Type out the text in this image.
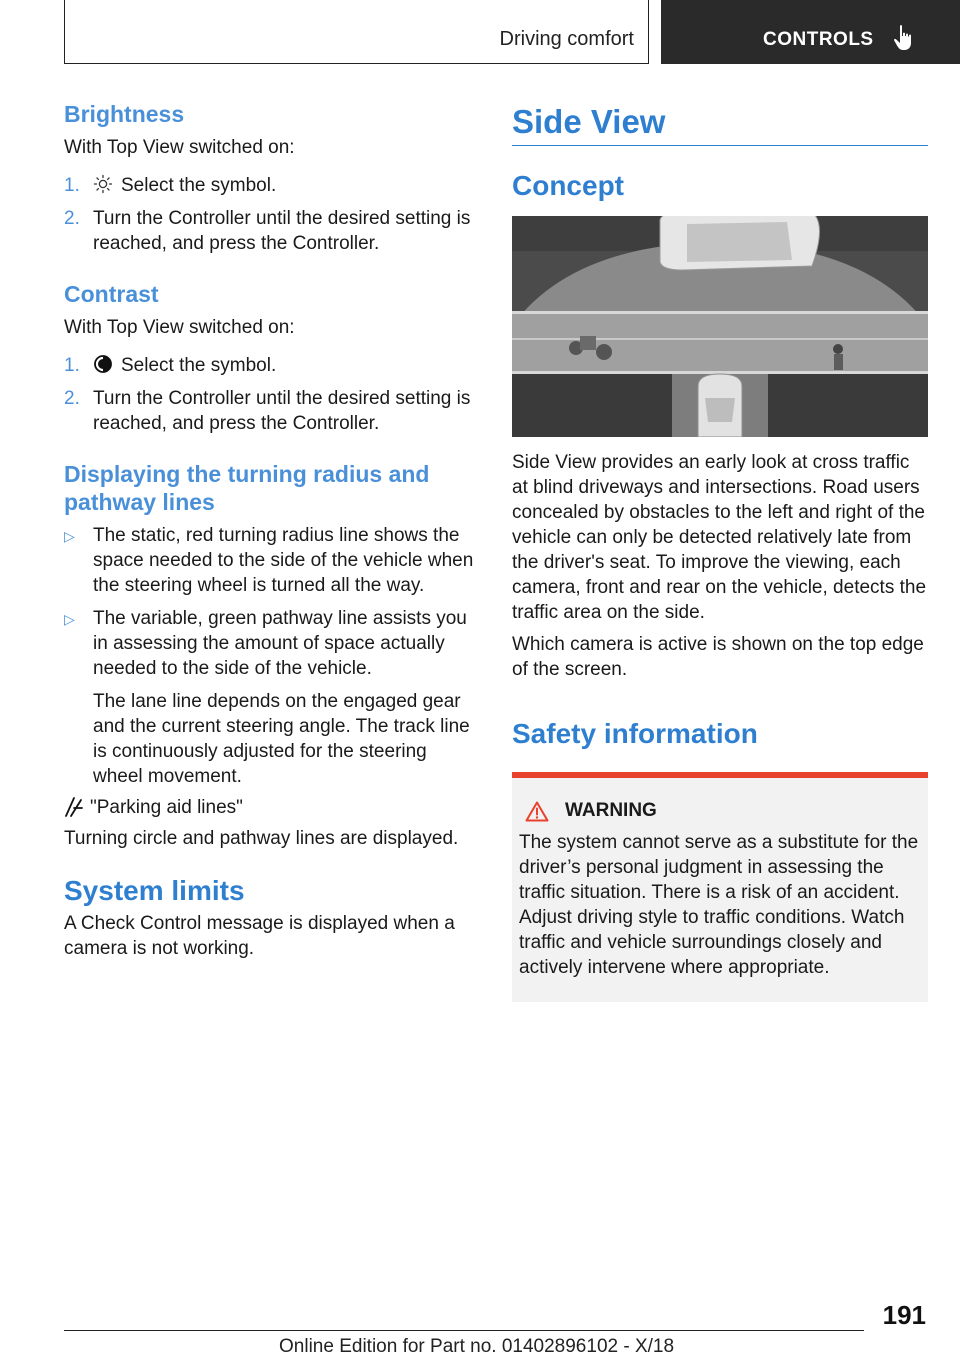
Driving comfort	CONTROLS
Brightness

With Top View switched on:

1.	Select the symbol.
2. Turn the Controller until the desired setting is reached, and press the Controller.
Contrast

With Top View switched on:

1.	Select the symbol.
2. Turn the Controller until the desired setting is reached, and press the Controller.
Displaying the turning radius and pathway lines
▷ The static, red turning radius line shows the space needed to the side of the vehicle when the steering wheel is turned all the way.
▷ The variable, green pathway line assists you in assessing the amount of space actually needed to the side of the vehicle.

The lane line depends on the engaged gear and the current steering angle. The track line is continuously adjusted for the steering wheel movement.

"Parking aid lines"

Turning circle and pathway lines are displayed.

System limits

A Check Control message is displayed when a camera is not working.

Side View
Concept

Side View provides an early look at cross traffic at blind driveways and intersections. Road users concealed by obstacles to the left and right of the vehicle can only be detected relatively late from the driver's seat. To improve the viewing, each camera, front and rear on the vehicle, detects the traffic area on the side.

Which camera is active is shown on the top edge of the screen.

Safety information
WARNING

The system cannot serve as a substitute for the driver’s personal judgment in assessing the traffic situation. There is a risk of an accident. Adjust driving style to traffic conditions. Watch traffic and vehicle surroundings closely and actively intervene where appropriate.

191
Online Edition for Part no. 01402896102 - X/18
